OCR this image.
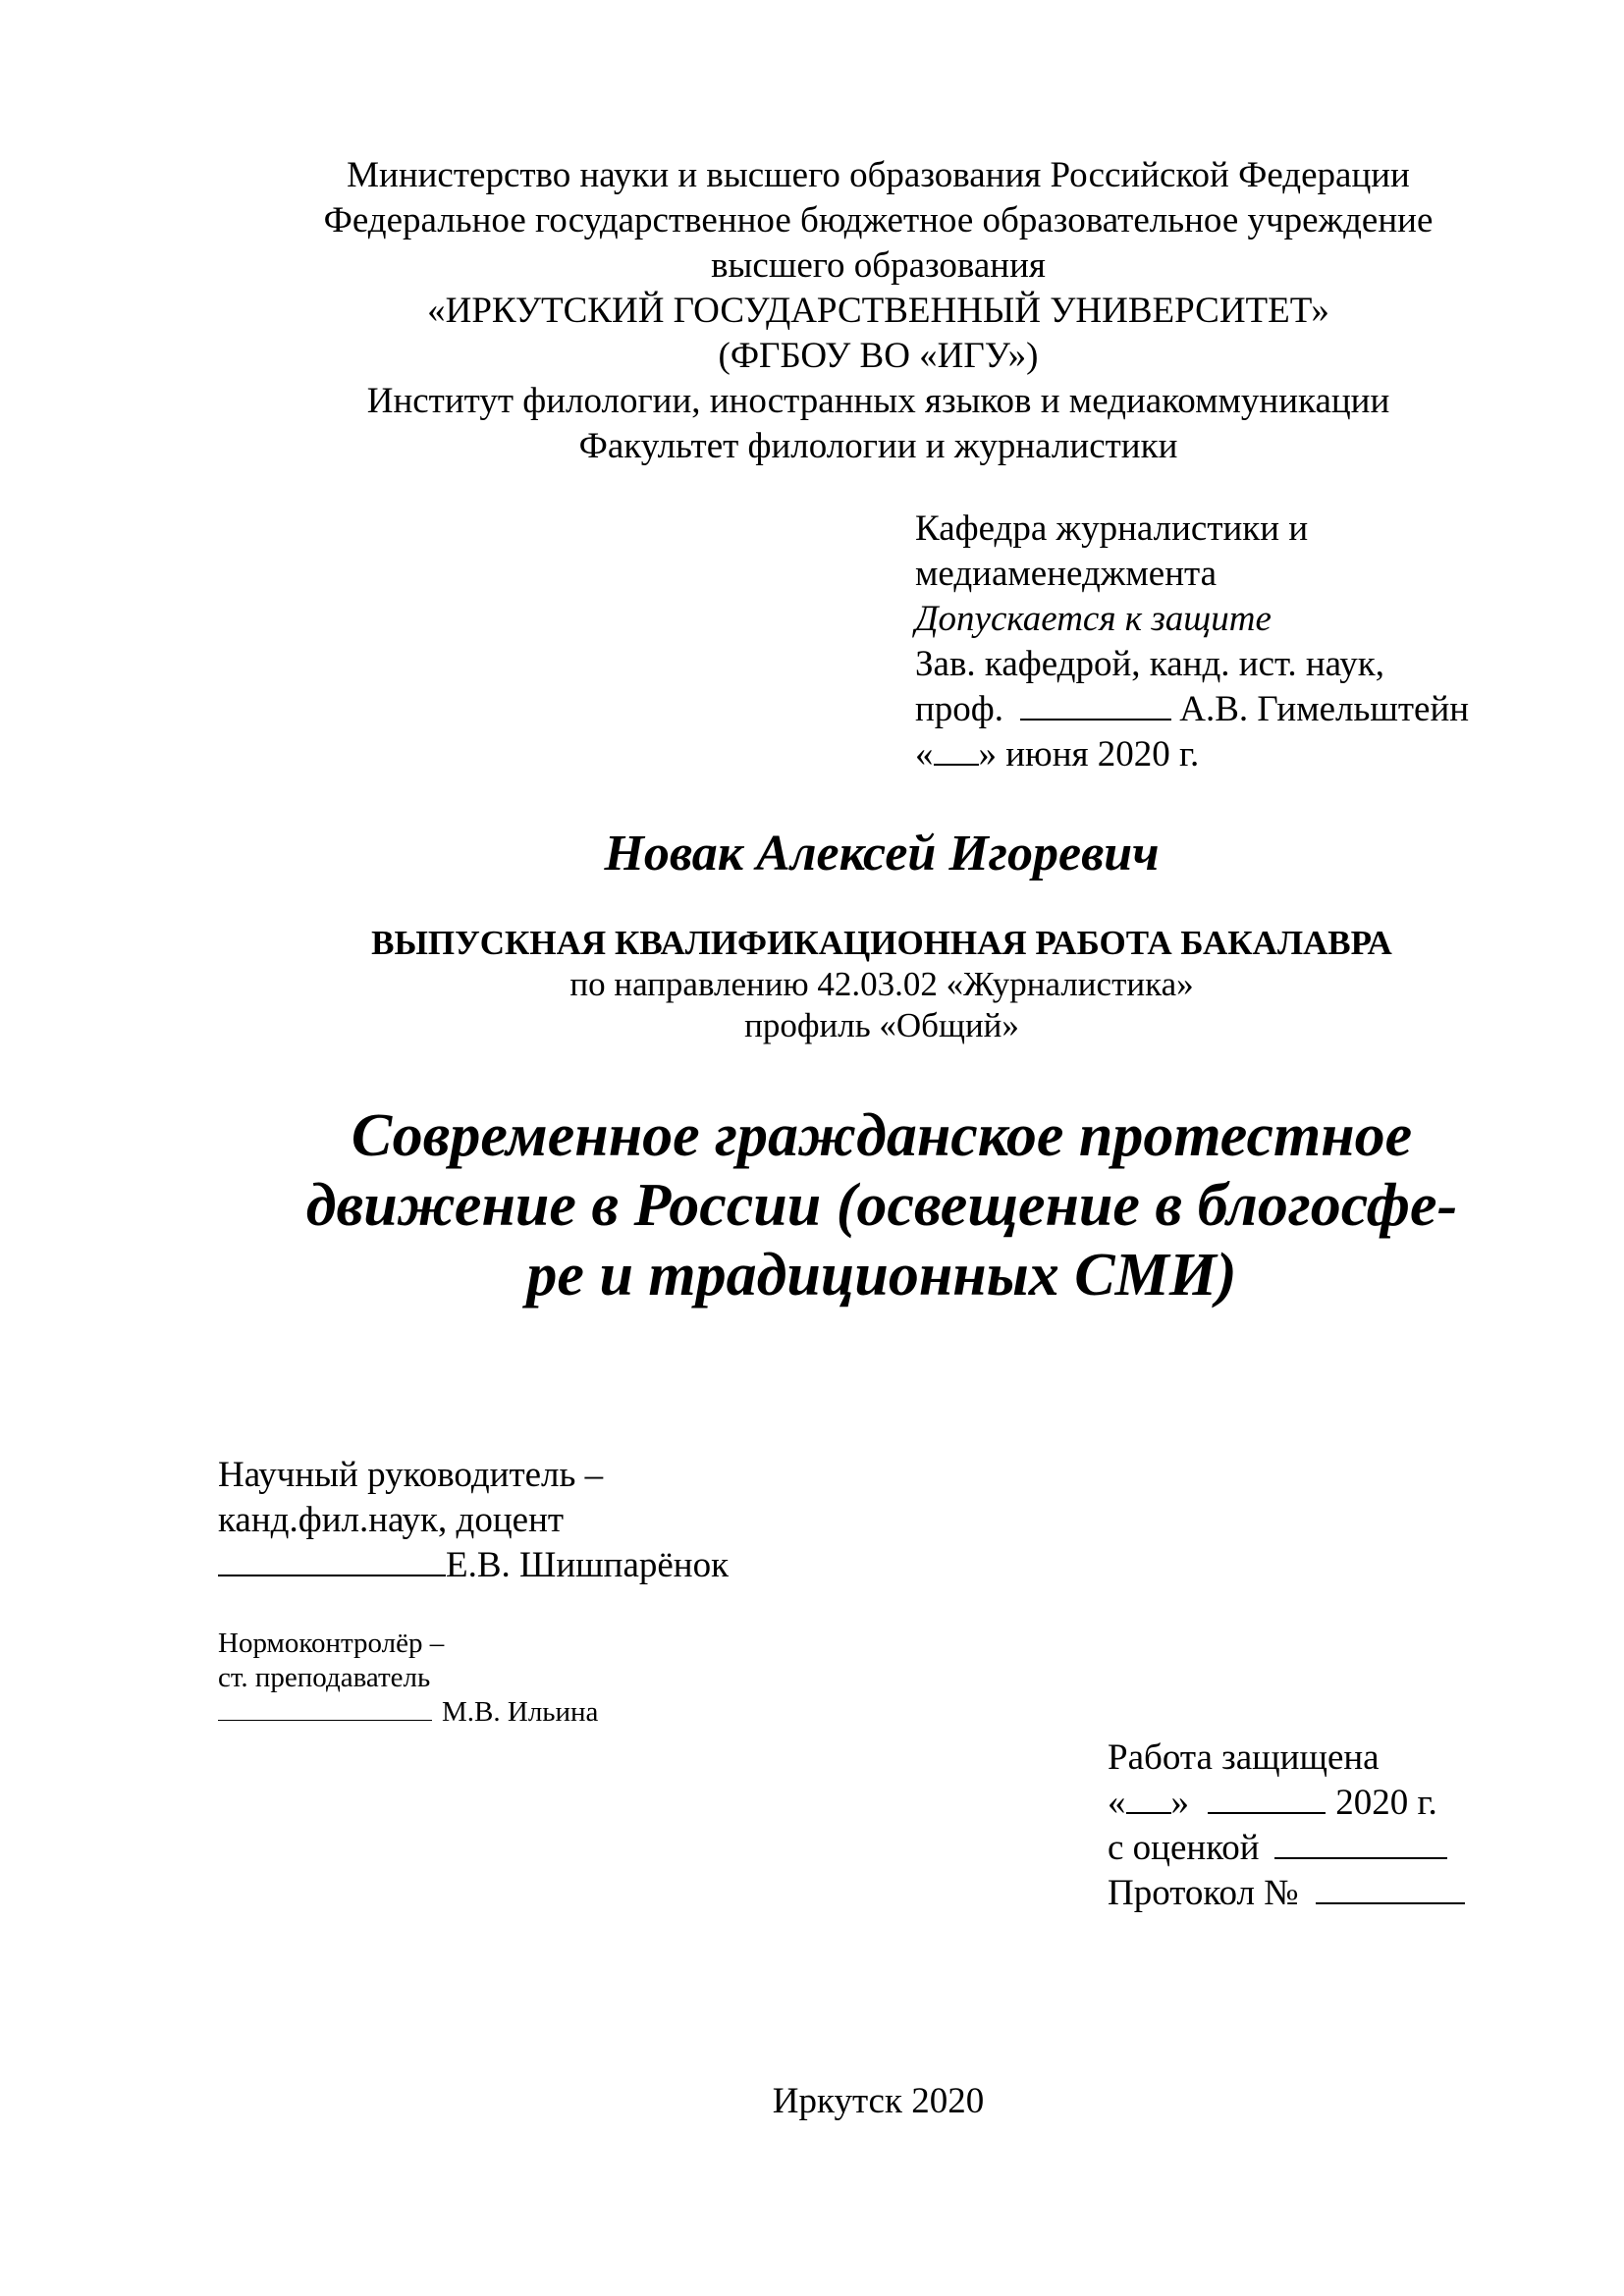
Министерство науки и высшего образования Российской Федерации
Федеральное государственное бюджетное образовательное учреждение
высшего образования
«ИРКУТСКИЙ ГОСУДАРСТВЕННЫЙ УНИВЕРСИТЕТ»
(ФГБОУ ВО «ИГУ»)
Институт филологии, иностранных языков и медиакоммуникации
Факультет филологии и журналистики
Кафедра журналистики и
медиаменеджмента
Допускается к защите
Зав. кафедрой, канд. ист. наук,
проф.	А.В. Гимельштейн
« » июня 2020 г.
Новак Алексей Игоревич
ВЫПУСКНАЯ КВАЛИФИКАЦИОННАЯ РАБОТА БАКАЛАВРА
по направлению 42.03.02 «Журналистика»
профиль «Общий»
Современное гражданское протестное
движение в России (освещение в блогосфе-
ре и традиционных СМИ)
Научный руководитель –
канд.фил.наук, доцент
Е.В. Шишпарёнок
Нормоконтролёр –
ст. преподаватель
М.В. Ильина
Работа защищена
« »	2020 г.
с оценкой
Протокол №
Иркутск 2020
